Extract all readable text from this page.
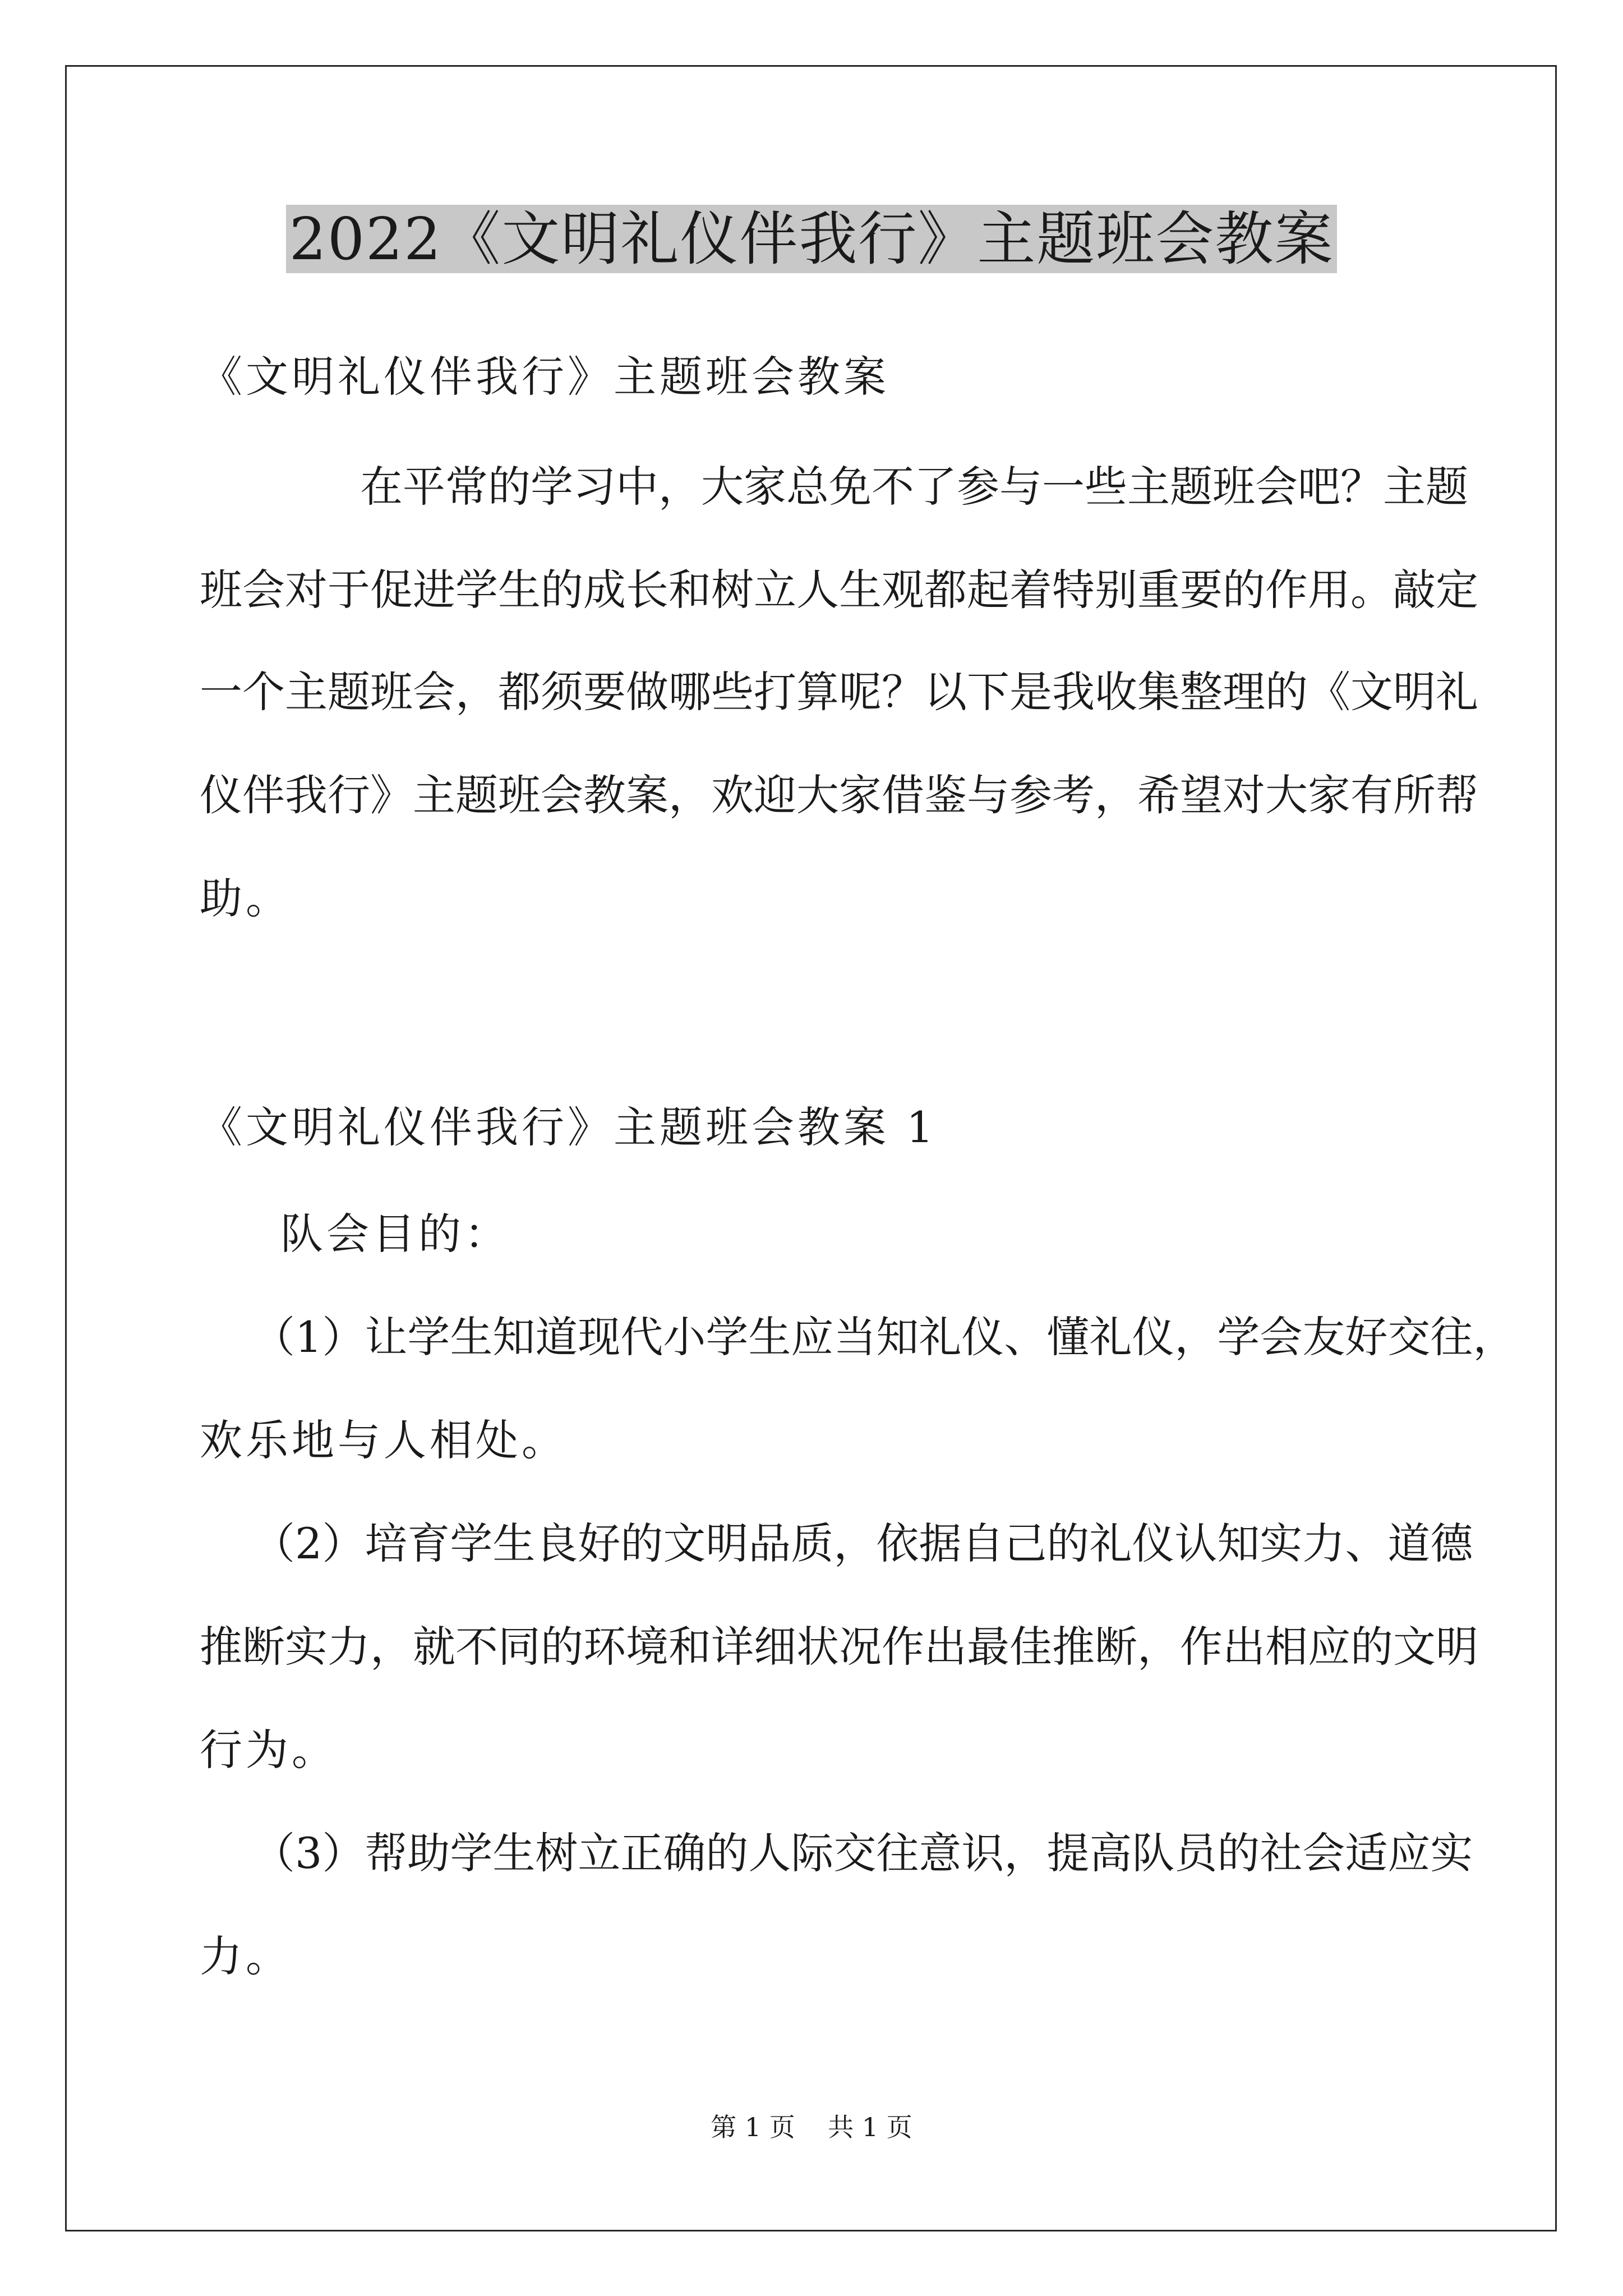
2022《文明礼仪伴我行》主题班会教案
《文明礼仪伴我行》主题班会教案
在平常的学习中，大家总免不了参与一些主题班会吧？主题
班会对于促进学生的成长和树立人生观都起着特别重要的作用。敲定
一个主题班会，都须要做哪些打算呢？以下是我收集整理的《文明礼
仪伴我行》主题班会教案，欢迎大家借鉴与参考，希望对大家有所帮
助。
《文明礼仪伴我行》主题班会教案 1
队会目的：
（1）让学生知道现代小学生应当知礼仪、懂礼仪，学会友好交往，
欢乐地与人相处。
（2）培育学生良好的文明品质，依据自己的礼仪认知实力、道德
推断实力，就不同的环境和详细状况作出最佳推断，作出相应的文明
行为。
（3）帮助学生树立正确的人际交往意识，提高队员的社会适应实
力。
第 1 页    共 1 页
